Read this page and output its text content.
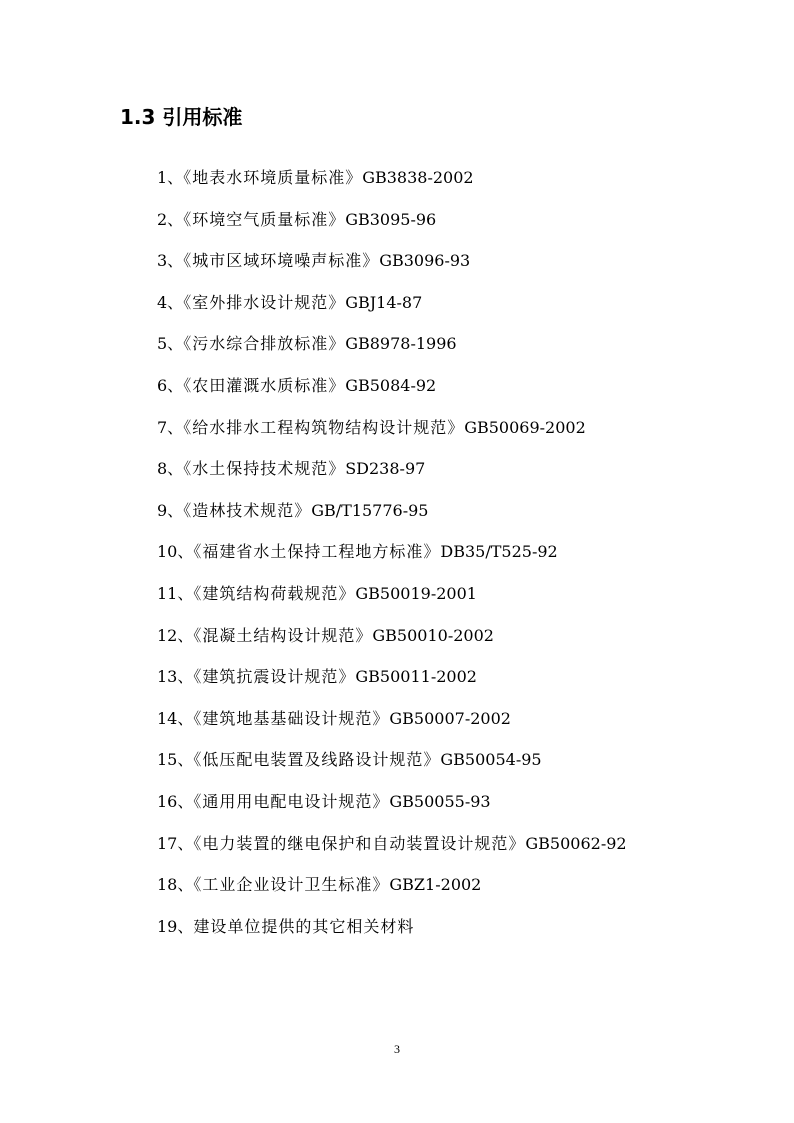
1.3 引用标准
1、《地表水环境质量标准》GB3838-2002
2、《环境空气质量标准》GB3095-96
3、《城市区域环境噪声标准》GB3096-93
4、《室外排水设计规范》GBJ14-87
5、《污水综合排放标准》GB8978-1996
6、《农田灌溉水质标准》GB5084-92
7、《给水排水工程构筑物结构设计规范》GB50069-2002
8、《水土保持技术规范》SD238-97
9、《造林技术规范》GB/T15776-95
10、《福建省水土保持工程地方标准》DB35/T525-92
11、《建筑结构荷载规范》GB50019-2001
12、《混凝土结构设计规范》GB50010-2002
13、《建筑抗震设计规范》GB50011-2002
14、《建筑地基基础设计规范》GB50007-2002
15、《低压配电装置及线路设计规范》GB50054-95
16、《通用用电配电设计规范》GB50055-93
17、《电力装置的继电保护和自动装置设计规范》GB50062-92
18、《工业企业设计卫生标准》GBZ1-2002
19、建设单位提供的其它相关材料
3
